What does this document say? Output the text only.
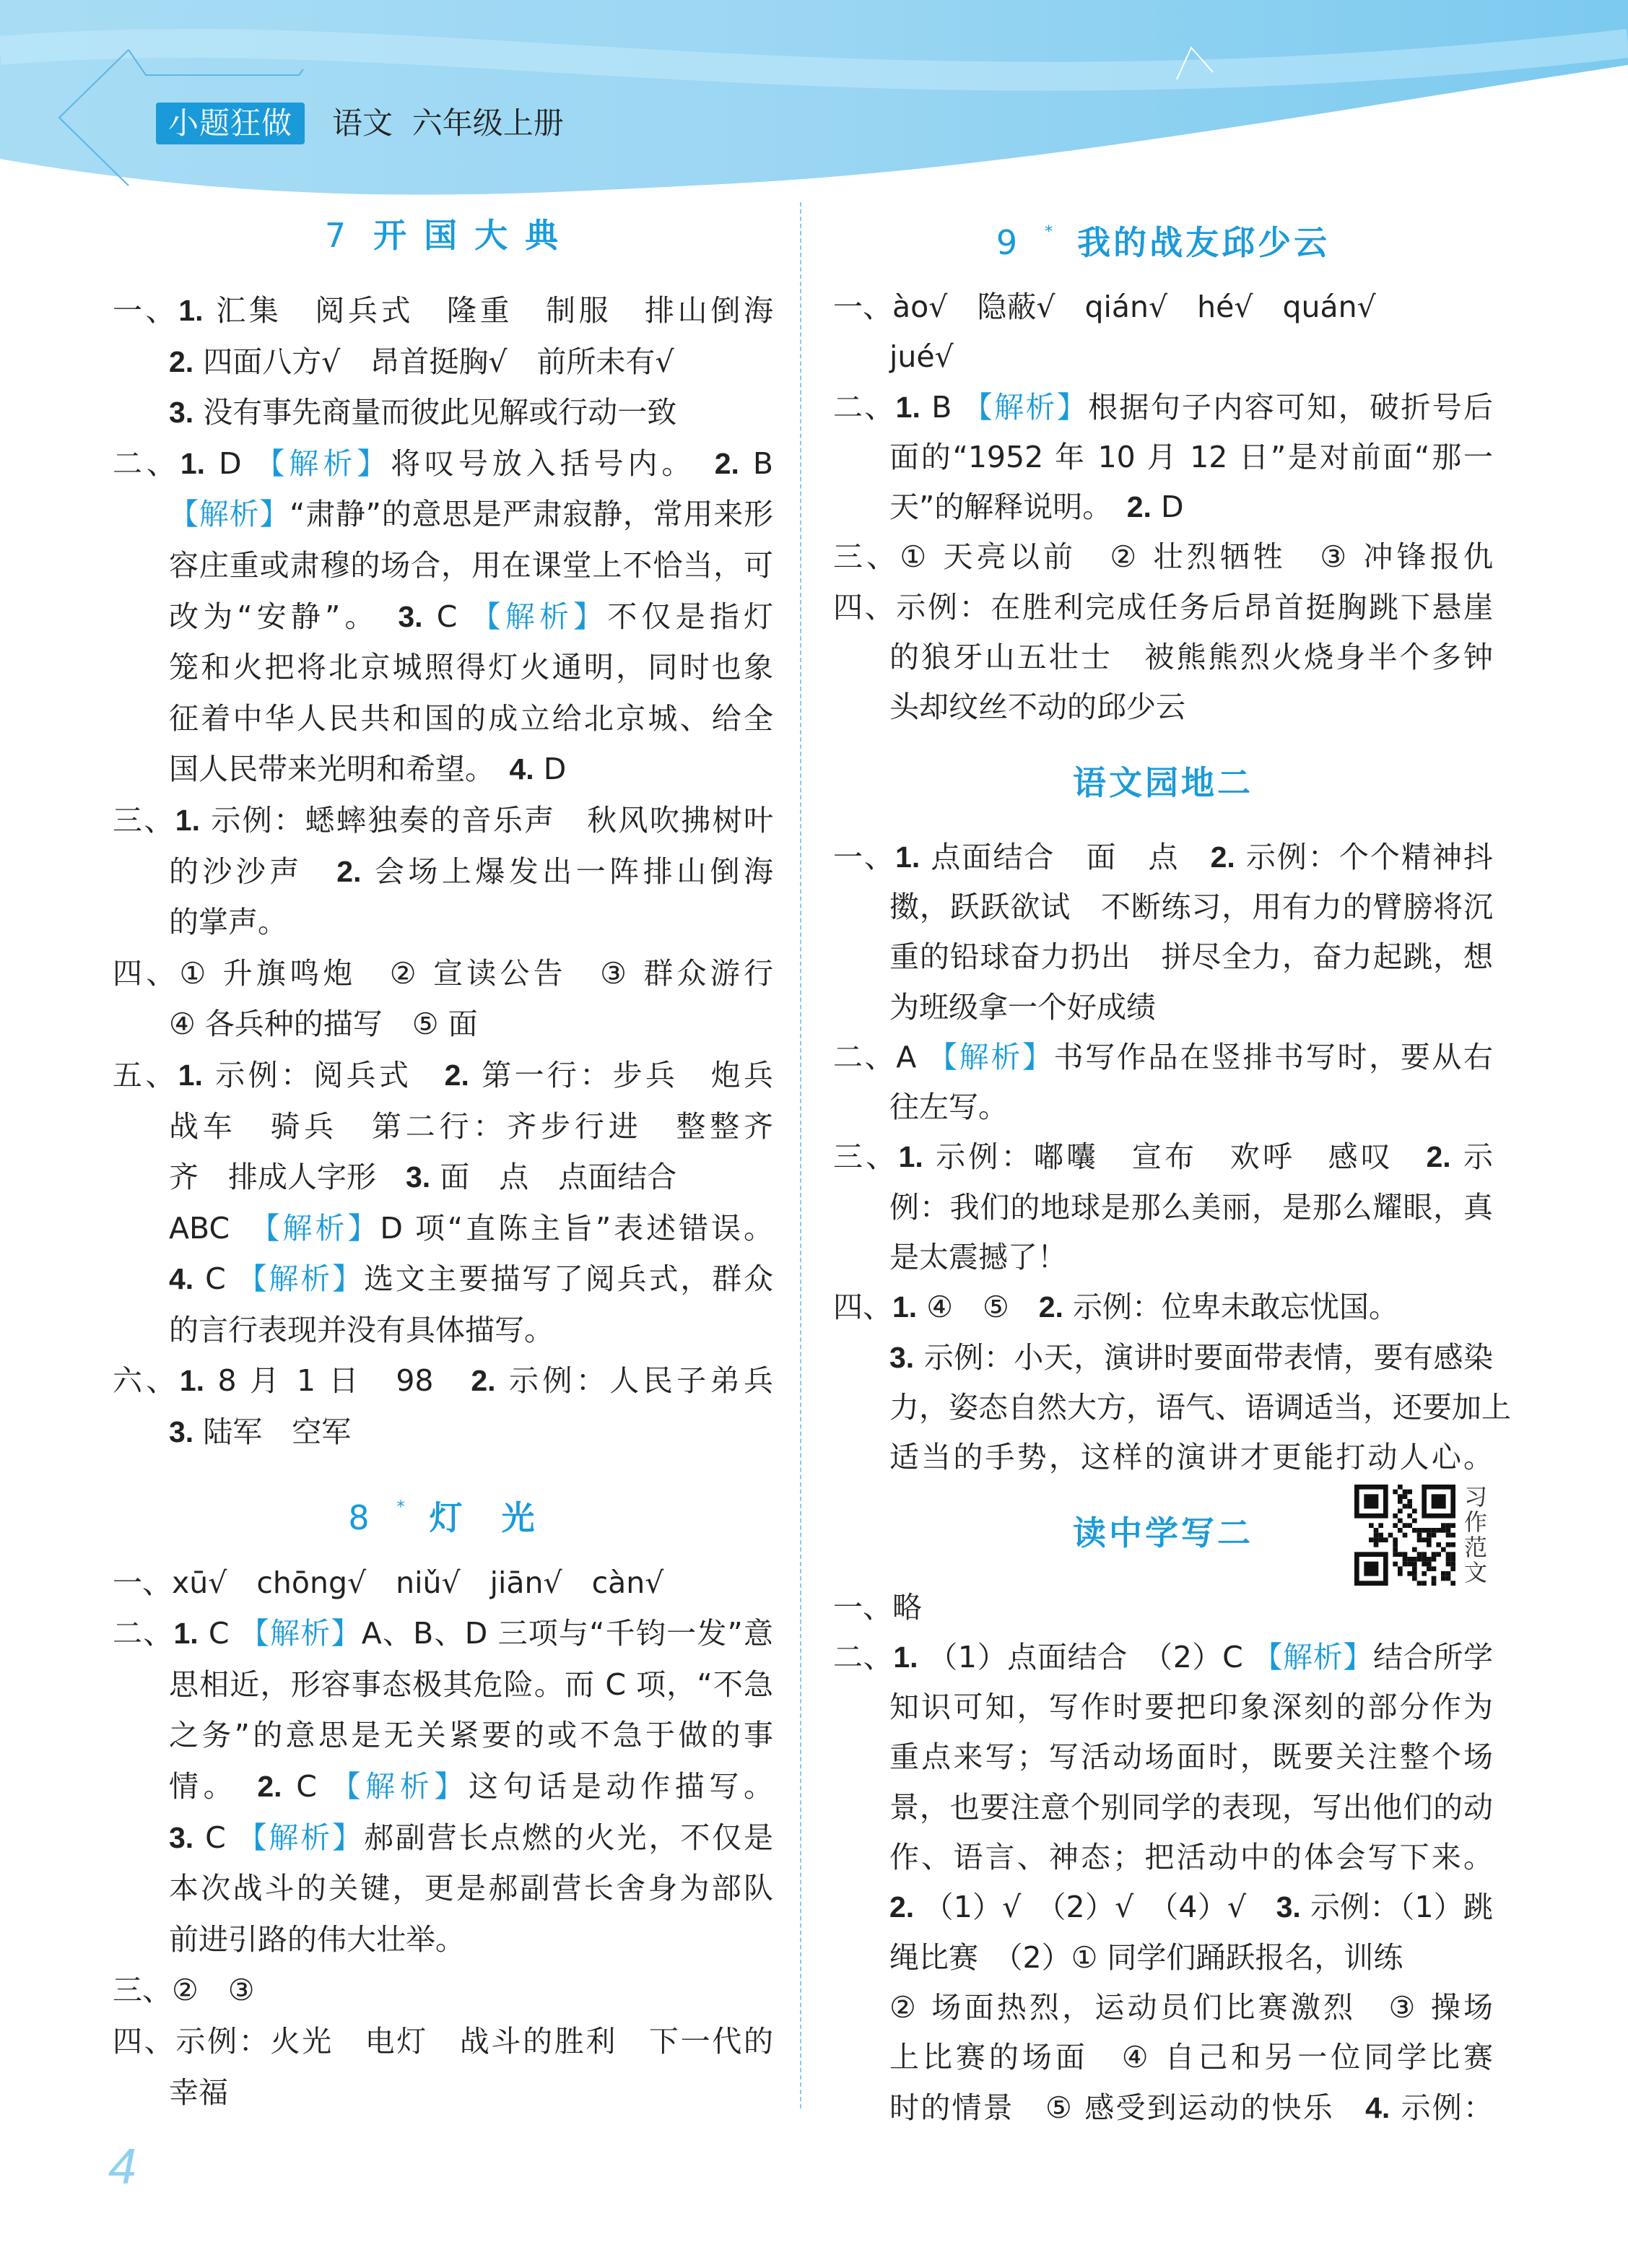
小题狂做	语文  六年级上册
7 开 国 大 典
一、1. 汇集　阅兵式　隆重　制服　排山倒海
2. 四面八方√　昂首挺胸√　前所未有√
3. 没有事先商量而彼此见解或行动一致
二、1. D 【解析】将叹号放入括号内。　2. B
【解析】“肃静”的意思是严肃寂静，常用来形
容庄重或肃穆的场合，用在课堂上不恰当，可
改为“安静”。　3. C 【解析】不仅是指灯
笼和火把将北京城照得灯火通明，同时也象
征着中华人民共和国的成立给北京城、给全
国人民带来光明和希望。　4. D
三、1. 示例：蟋蟀独奏的音乐声　秋风吹拂树叶
的沙沙声　2. 会场上爆发出一阵排山倒海
的掌声。
四、① 升旗鸣炮　② 宣读公告　③ 群众游行
④ 各兵种的描写　⑤ 面
五、1. 示例：阅兵式　2. 第一行：步兵　炮兵
战车　骑兵　第二行：齐步行进　整整齐
齐　排成人字形　3. 面　点　点面结合
ABC　【解析】D 项“直陈主旨”表述错误。
4. C 【解析】选文主要描写了阅兵式，群众
的言行表现并没有具体描写。
六、1. 8 月 1 日　98　2. 示例：人民子弟兵
3. 陆军　空军
8 * 灯　光
一、xū√　chōng√　niǔ√　jiān√　càn√
二、1. C 【解析】A、B、D 三项与“千钧一发”意
思相近，形容事态极其危险。而 C 项，“不急
之务”的意思是无关紧要的或不急于做的事
情。　2. C 【解析】这句话是动作描写。
3. C 【解析】郝副营长点燃的火光，不仅是
本次战斗的关键，更是郝副营长舍身为部队
前进引路的伟大壮举。
三、②　③
四、示例：火光　电灯　战斗的胜利　下一代的
幸福
9 * 我的战友邱少云
一、ào√　隐蔽√　qián√　hé√　quán√
jué√
二、1. B 【解析】根据句子内容可知，破折号后
面的“1952 年 10 月 12 日”是对前面“那一
天”的解释说明。　2. D
三、① 天亮以前　② 壮烈牺牲　③ 冲锋报仇
四、示例：在胜利完成任务后昂首挺胸跳下悬崖
的狼牙山五壮士　被熊熊烈火烧身半个多钟
头却纹丝不动的邱少云
语文园地二
一、1. 点面结合　面　点　2. 示例：个个精神抖
擞，跃跃欲试　不断练习，用有力的臂膀将沉
重的铅球奋力扔出　拼尽全力，奋力起跳，想
为班级拿一个好成绩
二、A 【解析】书写作品在竖排书写时，要从右
往左写。
三、1. 示例：嘟囔　宣布　欢呼　感叹　2. 示
例：我们的地球是那么美丽，是那么耀眼，真
是太震撼了！
四、1. ④　⑤　2. 示例：位卑未敢忘忧国。
3. 示例：小天，演讲时要面带表情，要有感染
力，姿态自然大方，语气、语调适当，还要加上
适当的手势，这样的演讲才更能打动人心。
读中学写二
一、略
二、1. （1）点面结合　（2）C 【解析】结合所学
知识可知，写作时要把印象深刻的部分作为
重点来写；写活动场面时，既要关注整个场
景，也要注意个别同学的表现，写出他们的动
作、语言、神态；把活动中的体会写下来。
2. （1）√　（2）√　（4）√　3. 示例：（1）跳
绳比赛　（2）① 同学们踊跃报名，训练
② 场面热烈，运动员们比赛激烈　③ 操场
上比赛的场面　④ 自己和另一位同学比赛
时的情景　⑤ 感受到运动的快乐　4. 示例：
习作范文
4
